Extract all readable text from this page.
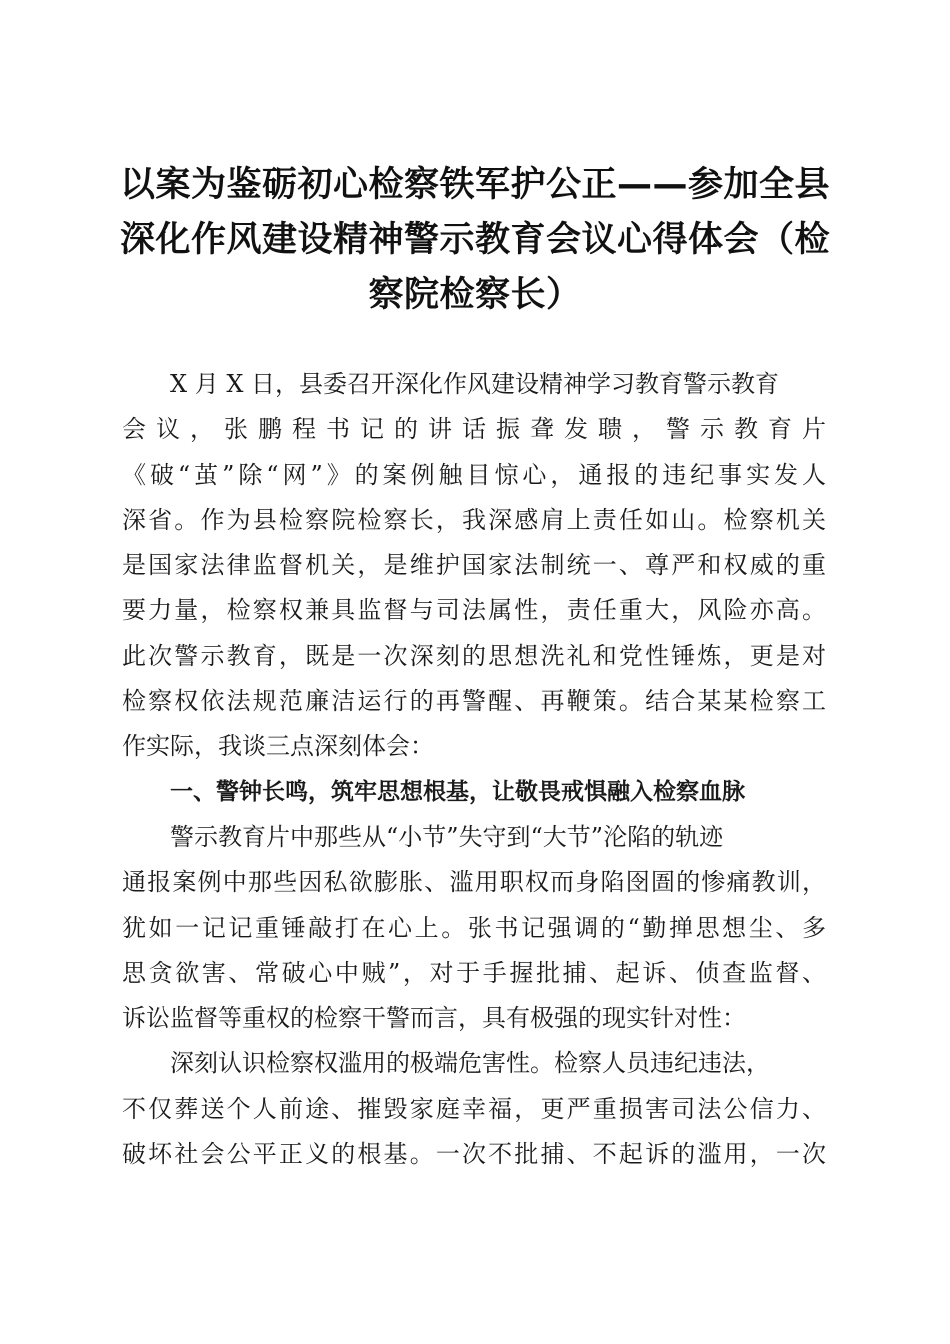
以案为鉴砺初心检察铁军护公正——参加全县
深化作风建设精神警示教育会议心得体会（检
察院检察长）
X 月 X 日，县委召开深化作风建设精神学习教育警示教育
会议，张鹏程书记的讲话振聋发聩，警示教育片
《破“茧”除“网”》的案例触目惊心，通报的违纪事实发人
深省。作为县检察院检察长，我深感肩上责任如山。检察机关
是国家法律监督机关，是维护国家法制统一、尊严和权威的重
要力量，检察权兼具监督与司法属性，责任重大，风险亦高。
此次警示教育，既是一次深刻的思想洗礼和党性锤炼，更是对
检察权依法规范廉洁运行的再警醒、再鞭策。结合某某检察工
作实际，我谈三点深刻体会：
一、警钟长鸣，筑牢思想根基，让敬畏戒惧融入检察血脉
警示教育片中那些从“小节”失守到“大节”沦陷的轨迹
通报案例中那些因私欲膨胀、滥用职权而身陷囹圄的惨痛教训，
犹如一记记重锤敲打在心上。张书记强调的“勤掸思想尘、多
思贪欲害、常破心中贼”，对于手握批捕、起诉、侦查监督、
诉讼监督等重权的检察干警而言，具有极强的现实针对性：
深刻认识检察权滥用的极端危害性。检察人员违纪违法，
不仅葬送个人前途、摧毁家庭幸福，更严重损害司法公信力、
破坏社会公平正义的根基。一次不批捕、不起诉的滥用，一次
